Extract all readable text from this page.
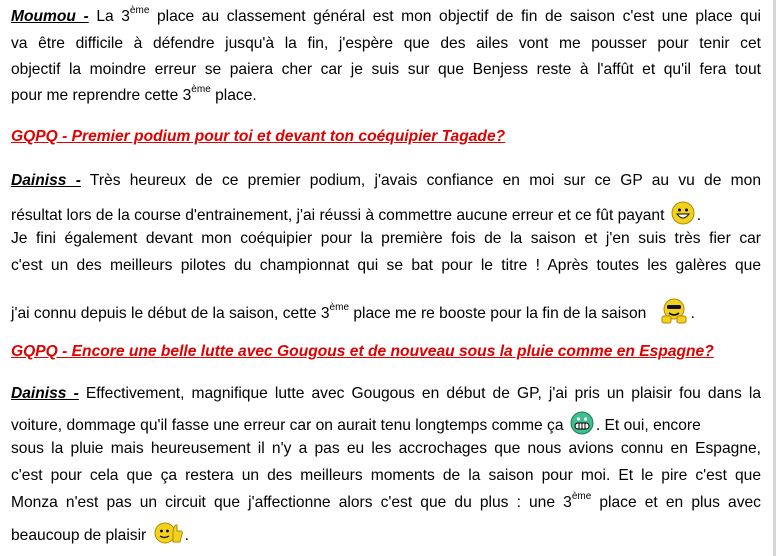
Moumou - La 3ème place au classement général est mon objectif de fin de saison c'est une place qui
va être difficile à défendre jusqu'à la fin, j'espère que des ailes vont me pousser pour tenir cet
objectif la moindre erreur se paiera cher car je suis sur que Benjess reste à l'affût et qu'il fera tout
pour me reprendre cette 3ème place.
GQPQ - Premier podium pour toi et devant ton coéquipier Tagade?
Dainiss - Très heureux de ce premier podium, j'avais confiance en moi sur ce GP au vu de mon
résultat lors de la course d'entrainement, j'ai réussi à commettre aucune erreur et ce fût payant .
Je fini également devant mon coéquipier pour la première fois de la saison et j'en suis très fier car
c'est un des meilleurs pilotes du championnat qui se bat pour le titre ! Après toutes les galères que
j'ai connu depuis le début de la saison, cette 3ème place me re booste pour la fin de la saison	.
GQPQ - Encore une belle lutte avec Gougous et de nouveau sous la pluie comme en Espagne?
Dainiss - Effectivement, magnifique lutte avec Gougous en début de GP, j'ai pris un plaisir fou dans la
voiture, dommage qu'il fasse une erreur car on aurait tenu longtemps comme ça . Et oui, encore
sous la pluie mais heureusement il n'y a pas eu les accrochages que nous avions connu en Espagne,
c'est pour cela que ça restera un des meilleurs moments de la saison pour moi. Et le pire c'est que
Monza n'est pas un circuit que j'affectionne alors c'est que du plus : une 3ème place et en plus avec
beaucoup de plaisir .
